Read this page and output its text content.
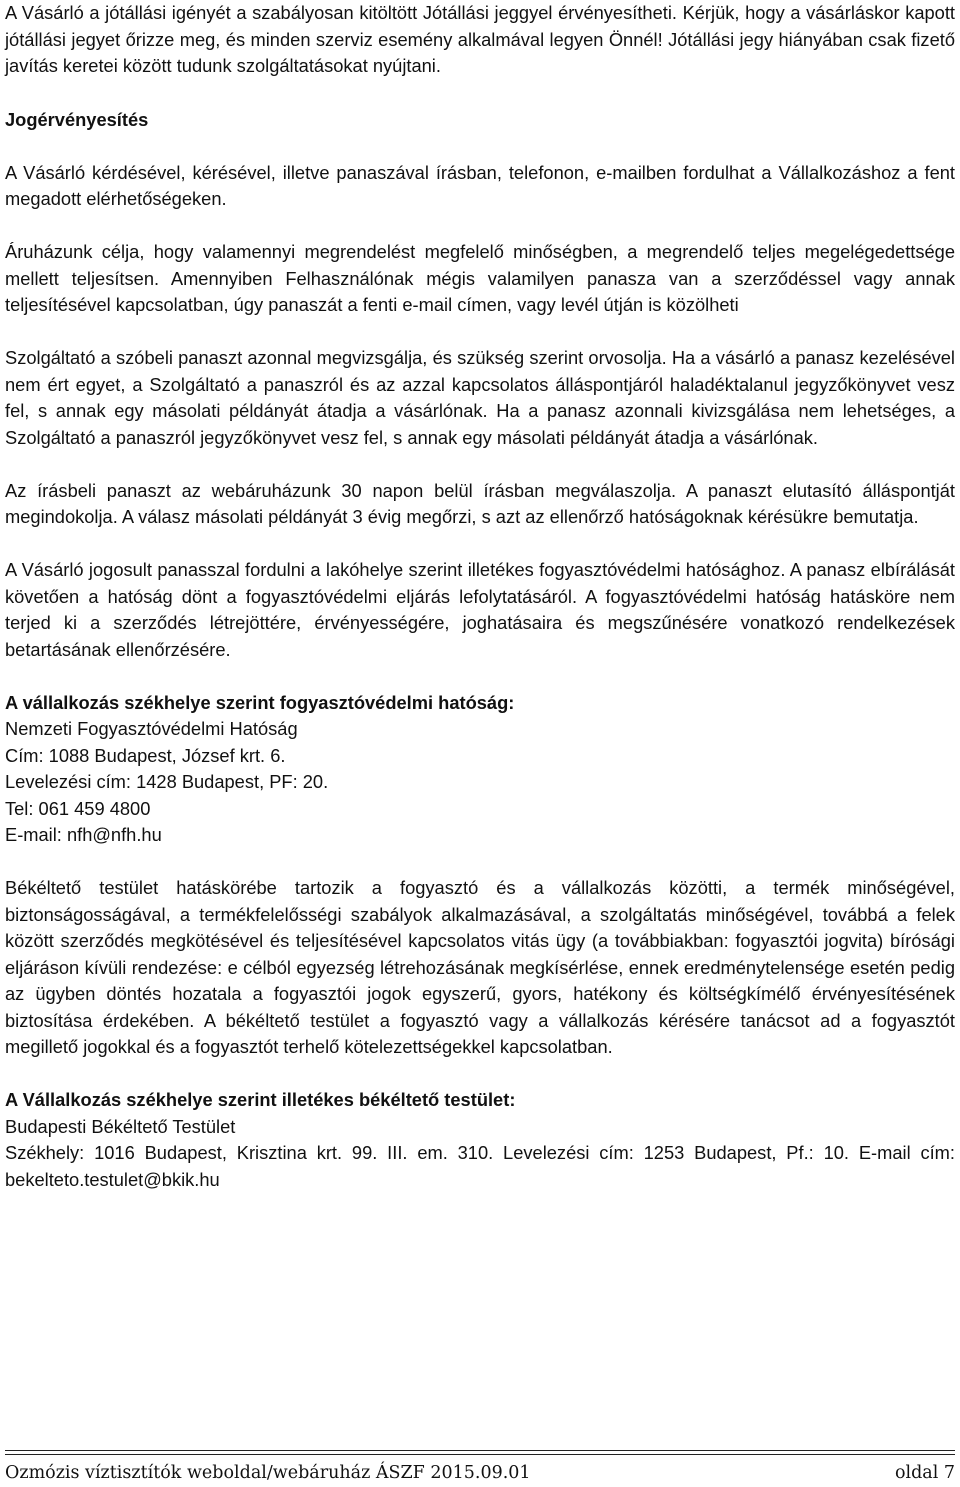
A Vásárló a jótállási igényét a szabályosan kitöltött Jótállási jeggyel érvényesítheti. Kérjük, hogy a vásárláskor kapott jótállási jegyet őrizze meg, és minden szerviz esemény alkalmával legyen Önnél! Jótállási jegy hiányában csak fizető javítás keretei között tudunk szolgáltatásokat nyújtani.

Jogérvényesítés

A Vásárló kérdésével, kérésével, illetve panaszával írásban, telefonon, e-mailben fordulhat a Vállalkozáshoz a fent megadott elérhetőségeken.

Áruházunk célja, hogy valamennyi megrendelést megfelelő minőségben, a megrendelő teljes megelégedettsége mellett teljesítsen. Amennyiben Felhasználónak mégis valamilyen panasza van a szerződéssel vagy annak teljesítésével kapcsolatban, úgy panaszát a fenti e-mail címen, vagy levél útján is közölheti

Szolgáltató a szóbeli panaszt azonnal megvizsgálja, és szükség szerint orvosolja. Ha a vásárló a panasz kezelésével nem ért egyet, a Szolgáltató a panaszról és az azzal kapcsolatos álláspontjáról haladéktalanul jegyzőkönyvet vesz fel, s annak egy másolati példányát átadja a vásárlónak. Ha a panasz azonnali kivizsgálása nem lehetséges, a Szolgáltató a panaszról jegyzőkönyvet vesz fel, s annak egy másolati példányát átadja a vásárlónak.

Az írásbeli panaszt az webáruházunk 30 napon belül írásban megválaszolja. A panaszt elutasító álláspontját megindokolja. A válasz másolati példányát 3 évig megőrzi, s azt az ellenőrző hatóságoknak kérésükre bemutatja.

A Vásárló jogosult panasszal fordulni a lakóhelye szerint illetékes fogyasztóvédelmi hatósághoz. A panasz elbírálását követően a hatóság dönt a fogyasztóvédelmi eljárás lefolytatásáról. A fogyasztóvédelmi hatóság hatásköre nem terjed ki a szerződés létrejöttére, érvényességére, joghatásaira és megszűnésére vonatkozó rendelkezések betartásának ellenőrzésére.

A vállalkozás székhelye szerint fogyasztóvédelmi hatóság:
Nemzeti Fogyasztóvédelmi Hatóság
Cím: 1088 Budapest, József krt. 6.
Levelezési cím: 1428 Budapest, PF: 20.
Tel: 061 459 4800
E-mail: nfh@nfh.hu

Békéltető testület hatáskörébe tartozik a fogyasztó és a vállalkozás közötti, a termék minőségével, biztonságosságával, a termékfelelősségi szabályok alkalmazásával, a szolgáltatás minőségével, továbbá a felek között szerződés megkötésével és teljesítésével kapcsolatos vitás ügy (a továbbiakban: fogyasztói jogvita) bírósági eljáráson kívüli rendezése: e célból egyezség létrehozásának megkísérlése, ennek eredménytelensége esetén pedig az ügyben döntés hozatala a fogyasztói jogok egyszerű, gyors, hatékony és költségkímélő érvényesítésének biztosítása érdekében. A békéltető testület a fogyasztó vagy a vállalkozás kérésére tanácsot ad a fogyasztót megillető jogokkal és a fogyasztót terhelő kötelezettségekkel kapcsolatban.

A Vállalkozás székhelye szerint illetékes békéltető testület:
Budapesti Békéltető Testület

Székhely: 1016 Budapest, Krisztina krt. 99. III. em. 310. Levelezési cím: 1253 Budapest, Pf.: 10. E-mail cím: bekelteto.testulet@bkik.hu

Ozmózis víztisztítók weboldal/webáruház ÁSZF 2015.09.01	oldal 7
